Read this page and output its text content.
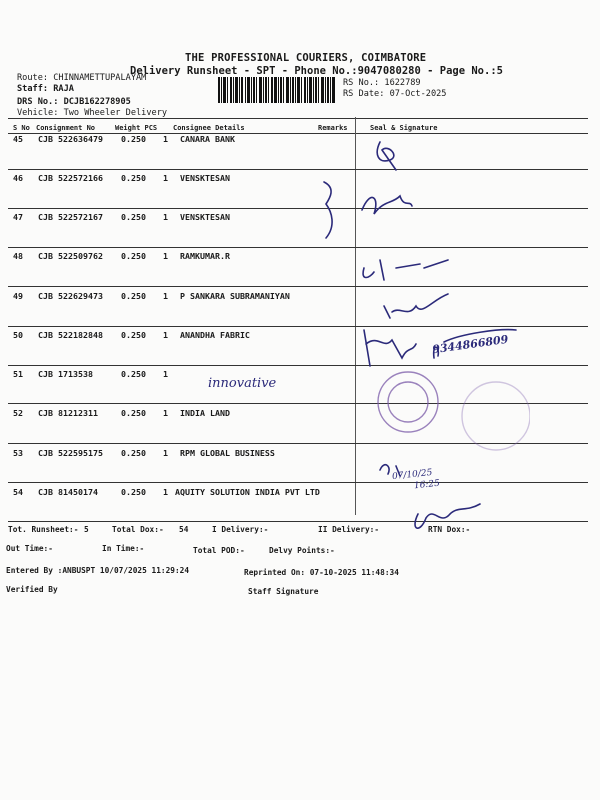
THE PROFESSIONAL COURIERS, COIMBATORE
Delivery Runsheet - SPT - Phone No.:9047080280 - Page No.:5
Route: CHINNAMETTUPALAYAM
Staff: RAJA
DRS No.: DCJB162278905
Vehicle: Two Wheeler Delivery
RS No.: 1622789
RS Date: 07-Oct-2025
S No Consignment No	Weight PCS Consignee Details	Remarks	Seal & Signature
45 CJB 522636479 0.250 1 CANARA BANK
46 CJB 522572166 0.250 1 VENSKTESAN
47 CJB 522572167 0.250 1 VENSKTESAN
48 CJB 522509762 0.250 1 RAMKUMAR.R
49 CJB 522629473 0.250 1 P SANKARA SUBRAMANIYAN
50 CJB 522182848 0.250 1 ANANDHA FABRIC
51 CJB 1713538	0.250 1
52 CJB 81212311	0.250 1 INDIA LAND
53 CJB 522595175 0.250 1 RPM GLOBAL BUSINESS
54 CJB 81450174	0.250 1 AQUITY SOLUTION INDIA PVT LTD
innovative
9344866809
07/10/25
16:25
Tot. Runsheet:- 5	Total Dox:- 54	I Delivery:-	II Delivery:-	RTN Dox:-
Out Time:-	In Time:-	Total POD:-	Delvy Points:-
Entered By :ANBUSPT 10/07/2025 11:29:24	Reprinted On: 07-10-2025 11:48:34
Verified By	Staff Signature
